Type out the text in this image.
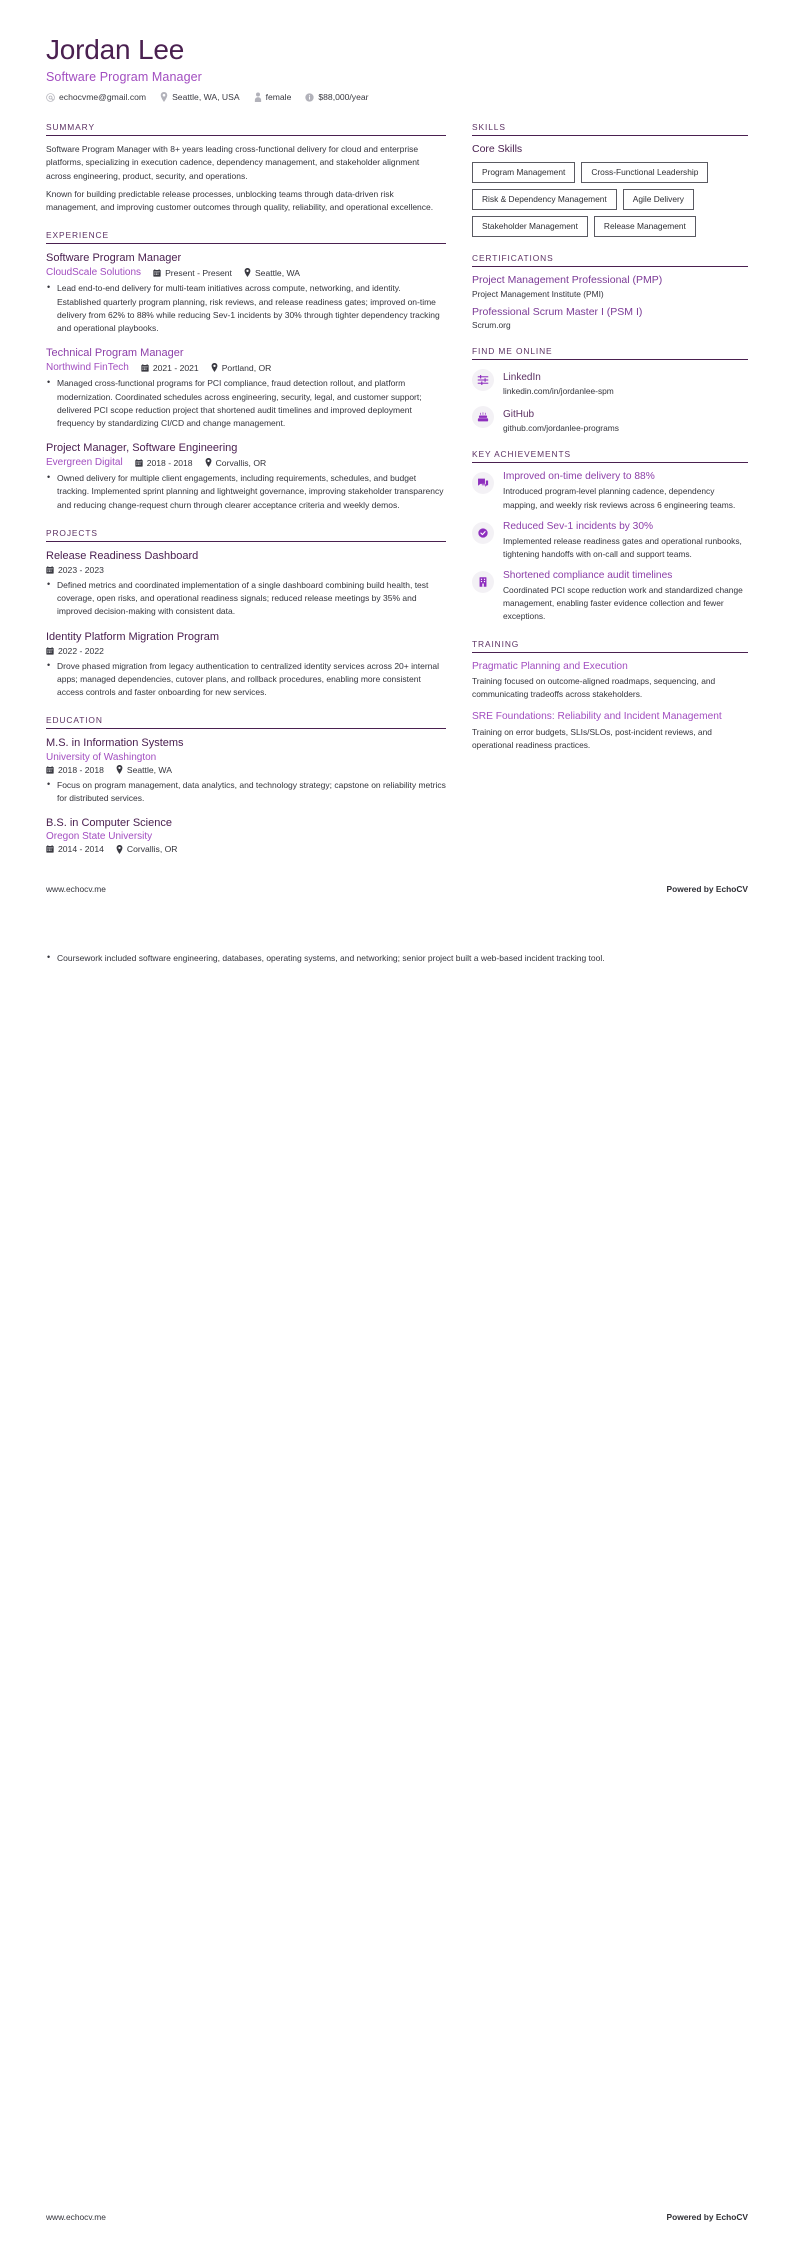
Jordan Lee
Software Program Manager
echocvme@gmail.com	Seattle, WA, USA	female	$88,000/year
SUMMARY

Software Program Manager with 8+ years leading cross-functional delivery for cloud and enterprise platforms, specializing in execution cadence, dependency management, and stakeholder alignment across engineering, product, security, and operations.

Known for building predictable release processes, unblocking teams through data-driven risk management, and improving customer outcomes through quality, reliability, and operational excellence.

EXPERIENCE
Software Program Manager
CloudScale Solutions	Present - Present	Seattle, WA
• Lead end-to-end delivery for multi-team initiatives across compute, networking, and identity. Established quarterly program planning, risk reviews, and release readiness gates; improved on-time delivery from 62% to 88% while reducing Sev-1 incidents by 30% through tighter dependency tracking and operational playbooks.
Technical Program Manager
Northwind FinTech	2021 - 2021	Portland, OR
• Managed cross-functional programs for PCI compliance, fraud detection rollout, and platform modernization. Coordinated schedules across engineering, security, legal, and customer support; delivered PCI scope reduction project that shortened audit timelines and improved deployment frequency by standardizing CI/CD and change management.
Project Manager, Software Engineering
Evergreen Digital	2018 - 2018	Corvallis, OR
• Owned delivery for multiple client engagements, including requirements, schedules, and budget tracking. Implemented sprint planning and lightweight governance, improving stakeholder transparency and reducing change-request churn through clearer acceptance criteria and weekly demos.
PROJECTS
Release Readiness Dashboard
2023 - 2023
• Defined metrics and coordinated implementation of a single dashboard combining build health, test coverage, open risks, and operational readiness signals; reduced release meetings by 35% and improved decision-making with consistent data.
Identity Platform Migration Program
2022 - 2022
• Drove phased migration from legacy authentication to centralized identity services across 20+ internal apps; managed dependencies, cutover plans, and rollback procedures, enabling more consistent access controls and faster onboarding for new services.
EDUCATION
M.S. in Information Systems
University of Washington
2018 - 2018	Seattle, WA
• Focus on program management, data analytics, and technology strategy; capstone on reliability metrics for distributed services.
B.S. in Computer Science
Oregon State University
2014 - 2014	Corvallis, OR
SKILLS
Core Skills
Program Management	Cross-Functional Leadership
Risk & Dependency Management	Agile Delivery
Stakeholder Management	Release Management
CERTIFICATIONS
Project Management Professional (PMP)
Project Management Institute (PMI)
Professional Scrum Master I (PSM I)
Scrum.org
FIND ME ONLINE
LinkedIn
linkedin.com/in/jordanlee-spm
GitHub
github.com/jordanlee-programs
KEY ACHIEVEMENTS
Improved on-time delivery to 88%
Introduced program-level planning cadence, dependency mapping, and weekly risk reviews across 6 engineering teams.
Reduced Sev-1 incidents by 30%
Implemented release readiness gates and operational runbooks, tightening handoffs with on-call and support teams.
Shortened compliance audit timelines
Coordinated PCI scope reduction work and standardized change management, enabling faster evidence collection and fewer exceptions.
TRAINING
Pragmatic Planning and Execution
Training focused on outcome-aligned roadmaps, sequencing, and communicating tradeoffs across stakeholders.
SRE Foundations: Reliability and Incident Management
Training on error budgets, SLIs/SLOs, post-incident reviews, and operational readiness practices.
www.echocv.me	Powered by EchoCV
• Coursework included software engineering, databases, operating systems, and networking; senior project built a web-based incident tracking tool.
www.echocv.me	Powered by EchoCV
